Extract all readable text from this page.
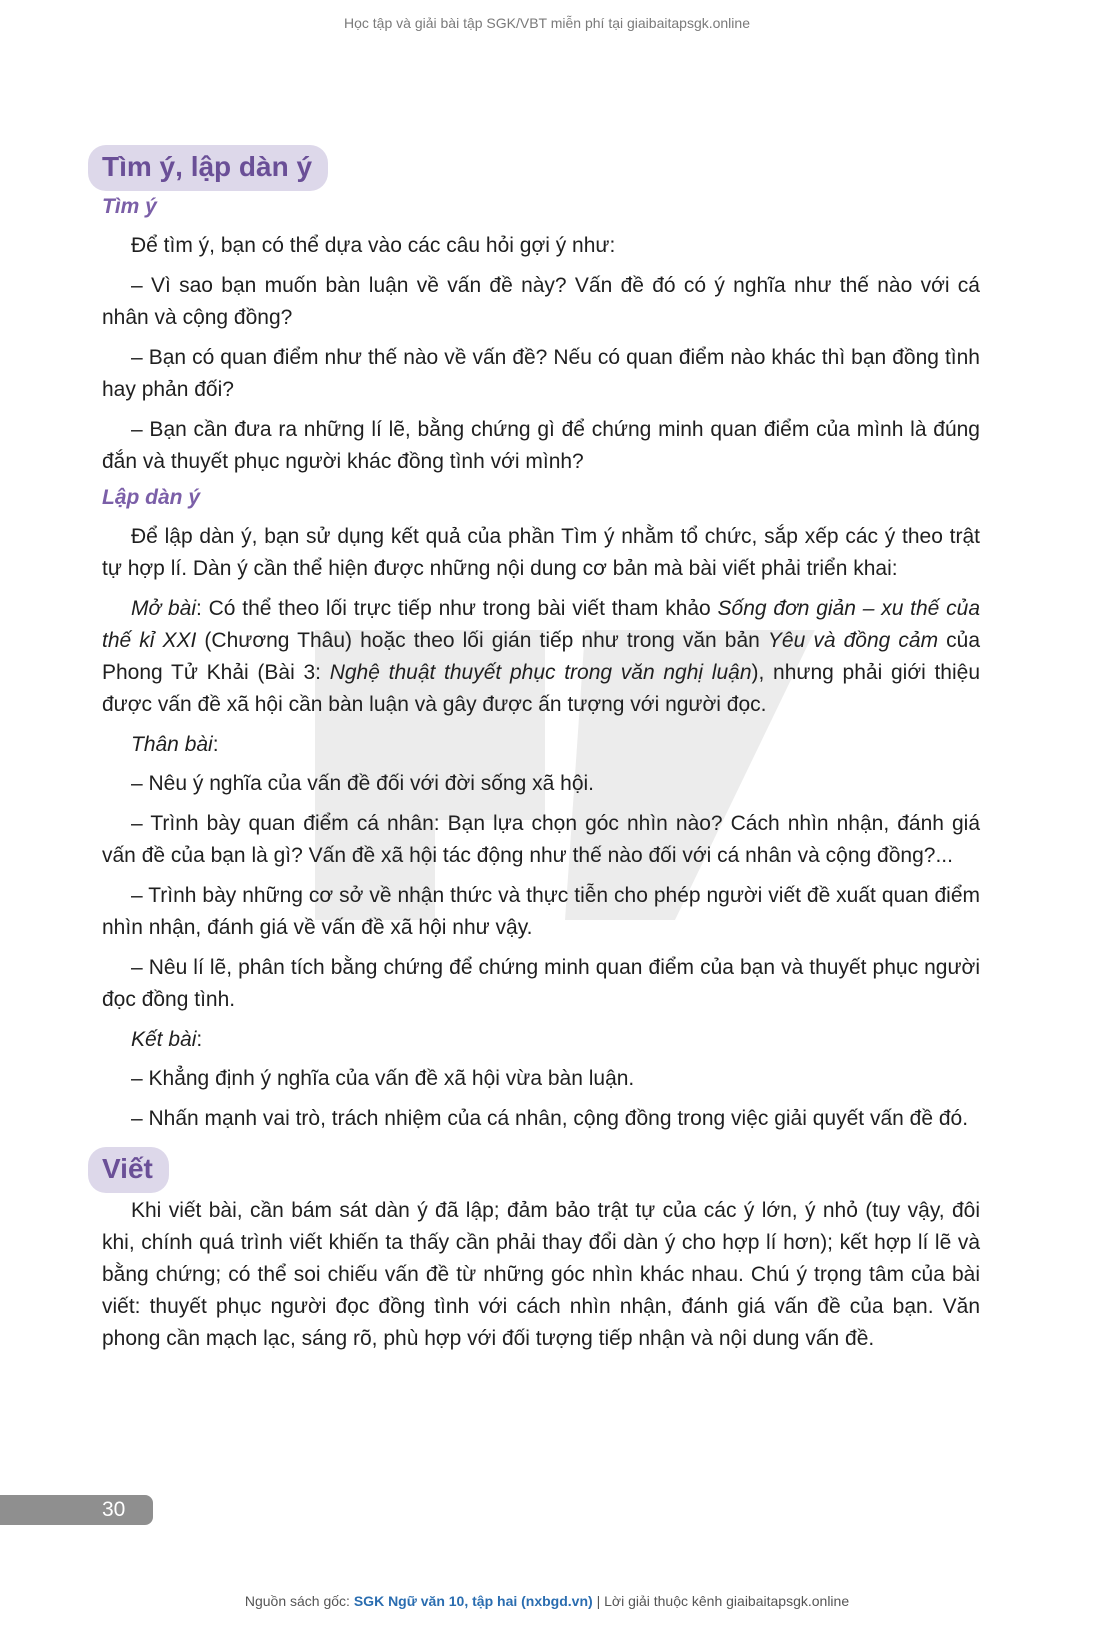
Học tập và giải bài tập SGK/VBT miễn phí tại giaibaitapsgk.online
Tìm ý, lập dàn ý
Tìm ý

Để tìm ý, bạn có thể dựa vào các câu hỏi gợi ý như:

– Vì sao bạn muốn bàn luận về vấn đề này? Vấn đề đó có ý nghĩa như thế nào với cá nhân và cộng đồng?

– Bạn có quan điểm như thế nào về vấn đề? Nếu có quan điểm nào khác thì bạn đồng tình hay phản đối?

– Bạn cần đưa ra những lí lẽ, bằng chứng gì để chứng minh quan điểm của mình là đúng đắn và thuyết phục người khác đồng tình với mình?

Lập dàn ý

Để lập dàn ý, bạn sử dụng kết quả của phần Tìm ý nhằm tổ chức, sắp xếp các ý theo trật tự hợp lí. Dàn ý cần thể hiện được những nội dung cơ bản mà bài viết phải triển khai:

Mở bài: Có thể theo lối trực tiếp như trong bài viết tham khảo Sống đơn giản – xu thế của thế kỉ XXI (Chương Thâu) hoặc theo lối gián tiếp như trong văn bản Yêu và đồng cảm của Phong Tử Khải (Bài 3: Nghệ thuật thuyết phục trong văn nghị luận), nhưng phải giới thiệu được vấn đề xã hội cần bàn luận và gây được ấn tượng với người đọc.

Thân bài:

– Nêu ý nghĩa của vấn đề đối với đời sống xã hội.

– Trình bày quan điểm cá nhân: Bạn lựa chọn góc nhìn nào? Cách nhìn nhận, đánh giá vấn đề của bạn là gì? Vấn đề xã hội tác động như thế nào đối với cá nhân và cộng đồng?...

– Trình bày những cơ sở về nhận thức và thực tiễn cho phép người viết đề xuất quan điểm nhìn nhận, đánh giá về vấn đề xã hội như vậy.

– Nêu lí lẽ, phân tích bằng chứng để chứng minh quan điểm của bạn và thuyết phục người đọc đồng tình.

Kết bài:

– Khẳng định ý nghĩa của vấn đề xã hội vừa bàn luận.

– Nhấn mạnh vai trò, trách nhiệm của cá nhân, cộng đồng trong việc giải quyết vấn đề đó.

Viết

Khi viết bài, cần bám sát dàn ý đã lập; đảm bảo trật tự của các ý lớn, ý nhỏ (tuy vậy, đôi khi, chính quá trình viết khiến ta thấy cần phải thay đổi dàn ý cho hợp lí hơn); kết hợp lí lẽ và bằng chứng; có thể soi chiếu vấn đề từ những góc nhìn khác nhau. Chú ý trọng tâm của bài viết: thuyết phục người đọc đồng tình với cách nhìn nhận, đánh giá vấn đề của bạn. Văn phong cần mạch lạc, sáng rõ, phù hợp với đối tượng tiếp nhận và nội dung vấn đề.

30
Nguồn sách gốc: SGK Ngữ văn 10, tập hai (nxbgd.vn) | Lời giải thuộc kênh giaibaitapsgk.online
